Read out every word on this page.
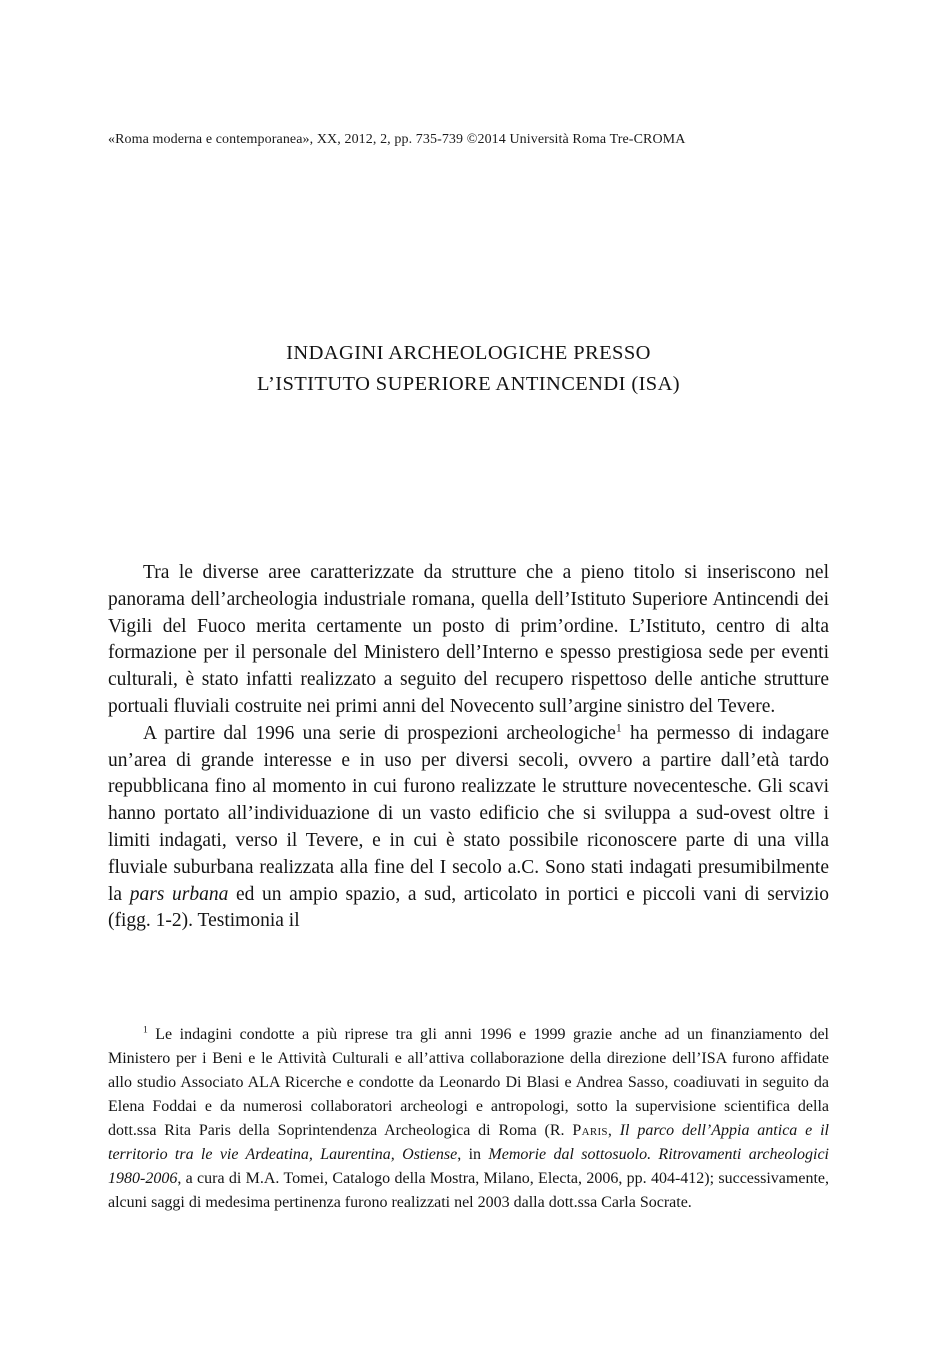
«Roma moderna e contemporanea», XX, 2012, 2, pp. 735-739 ©2014 Università Roma Tre-CROMA
INDAGINI ARCHEOLOGICHE PRESSO
L’ISTITUTO SUPERIORE ANTINCENDI (ISA)

Tra le diverse aree caratterizzate da strutture che a pieno titolo si inseriscono nel panorama dell’archeologia industriale romana, quella dell’Istituto Superiore Antincendi dei Vigili del Fuoco merita certamente un posto di prim’ordine. L’Istituto, centro di alta formazione per il personale del Ministero dell’Interno e spesso prestigiosa sede per eventi culturali, è stato infatti realizzato a seguito del recupero rispettoso delle antiche strutture portuali fluviali costruite nei primi anni del Novecento sull’argine sinistro del Tevere.

A partire dal 1996 una serie di prospezioni archeologiche$^1$ ha permesso di indagare un’area di grande interesse e in uso per diversi secoli, ovvero a partire dall’età tardo repubblicana fino al momento in cui furono realizzate le strutture novecentesche. Gli scavi hanno portato all’individuazione di un vasto edificio che si sviluppa a sud-ovest oltre i limiti indagati, verso il Tevere, e in cui è stato possibile riconoscere parte di una villa fluviale suburbana realizzata alla fine del I secolo a.C. Sono stati indagati presumibilmente la pars urbana ed un ampio spazio, a sud, articolato in portici e piccoli vani di servizio (figg. 1-2). Testimonia il

$^1$ Le indagini condotte a più riprese tra gli anni 1996 e 1999 grazie anche ad un finanziamento del Ministero per i Beni e le Attività Culturali e all’attiva collaborazione della direzione dell’ISA furono affidate allo studio Associato ALA Ricerche e condotte da Leonardo Di Blasi e Andrea Sasso, coadiuvati in seguito da Elena Foddai e da numerosi collaboratori archeologi e antropologi, sotto la supervisione scientifica della dott.ssa Rita Paris della Soprintendenza Archeologica di Roma (R. Paris, Il parco dell’Appia antica e il territorio tra le vie Ardeatina, Laurentina, Ostiense, in Memorie dal sottosuolo. Ritrovamenti archeologici 1980-2006, a cura di M.A. Tomei, Catalogo della Mostra, Milano, Electa, 2006, pp. 404-412); successivamente, alcuni saggi di medesima pertinenza furono realizzati nel 2003 dalla dott.ssa Carla Socrate.
